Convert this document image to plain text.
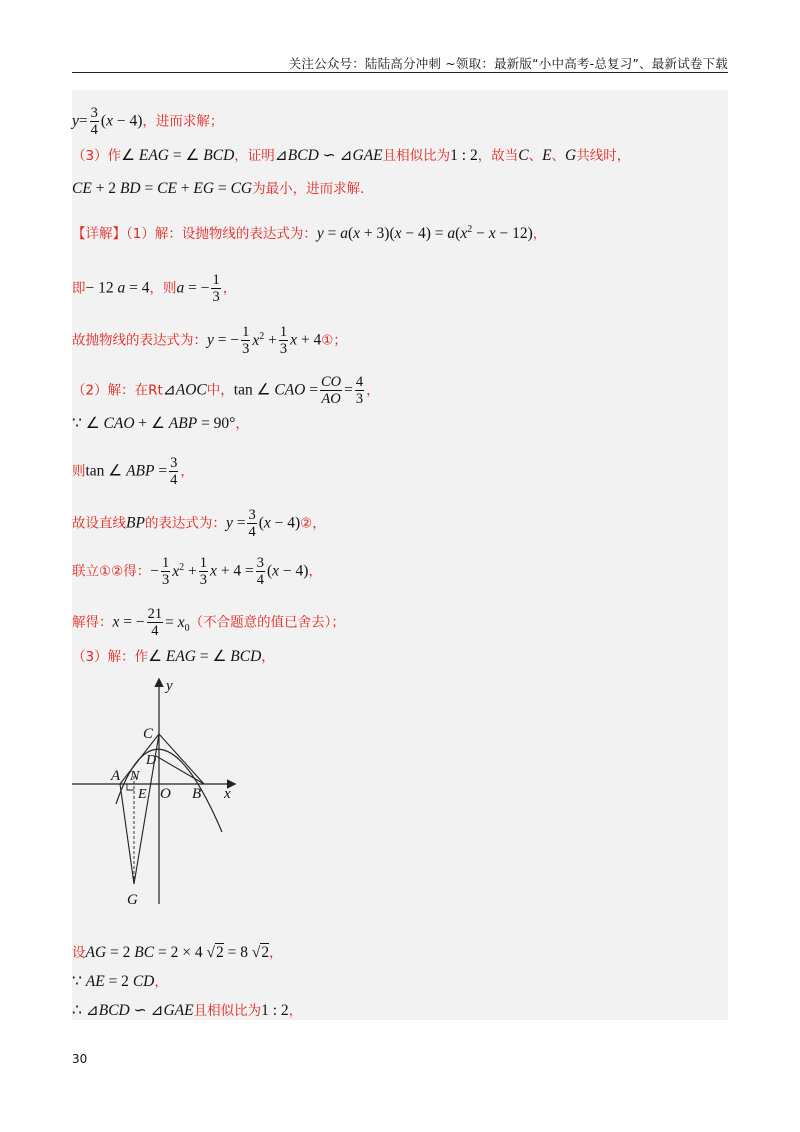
关注公众号：陆陆高分冲刺 ~领取：最新版“小中高考-总复习”、最新试卷下载
$y= \frac{3}{4} (x - 4)$，进而求解；
（3）作∠ EAG = ∠ BCD，证明⊿BCD ∽ ⊿GAE且相似比为1 : 2，故当C、E、G共线时，
CE + 2 BD = CE + EG = CG为最小，进而求解.
【详解】（1）解：设抛物线的表达式为：$y = a(x + 3)(x - 4) = a(x^2 - x - 12)$，
即− 12 a = 4，则a = − $\frac{1}{3}$ ，
故抛物线的表达式为：y = − $\frac{1}{3} x^2 + \frac{1}{3}$ x + 4①；
（2）解：在Rt⊿AOC中，tan ∠ CAO = $\frac{CO}{AO} = \frac{4}{3}$ ，
∵ ∠ CAO + ∠ ABP = 90°，
则tan ∠ ABP = $\frac{3}{4}$ ，
故设直线BP的表达式为：$y = \frac{3}{4} (x$ − 4)②，
联立①②得：− $\frac{1}{3} x^2 + \frac{1}{3}$ $x + 4 = \frac{3}{4} (x - 4)$，
解得：x = − $\frac{21}{4} = x_0$（不合题意的值已舍去）；
（3）解：作∠ EAG = ∠ BCD，
y
C
D
A N
E O B x
G
设AG = 2 BC = 2 × 4 √2 = 8 √2，
∵ AE = 2 CD，
∴ ⊿BCD ∽ ⊿GAE且相似比为1 : 2，
30
